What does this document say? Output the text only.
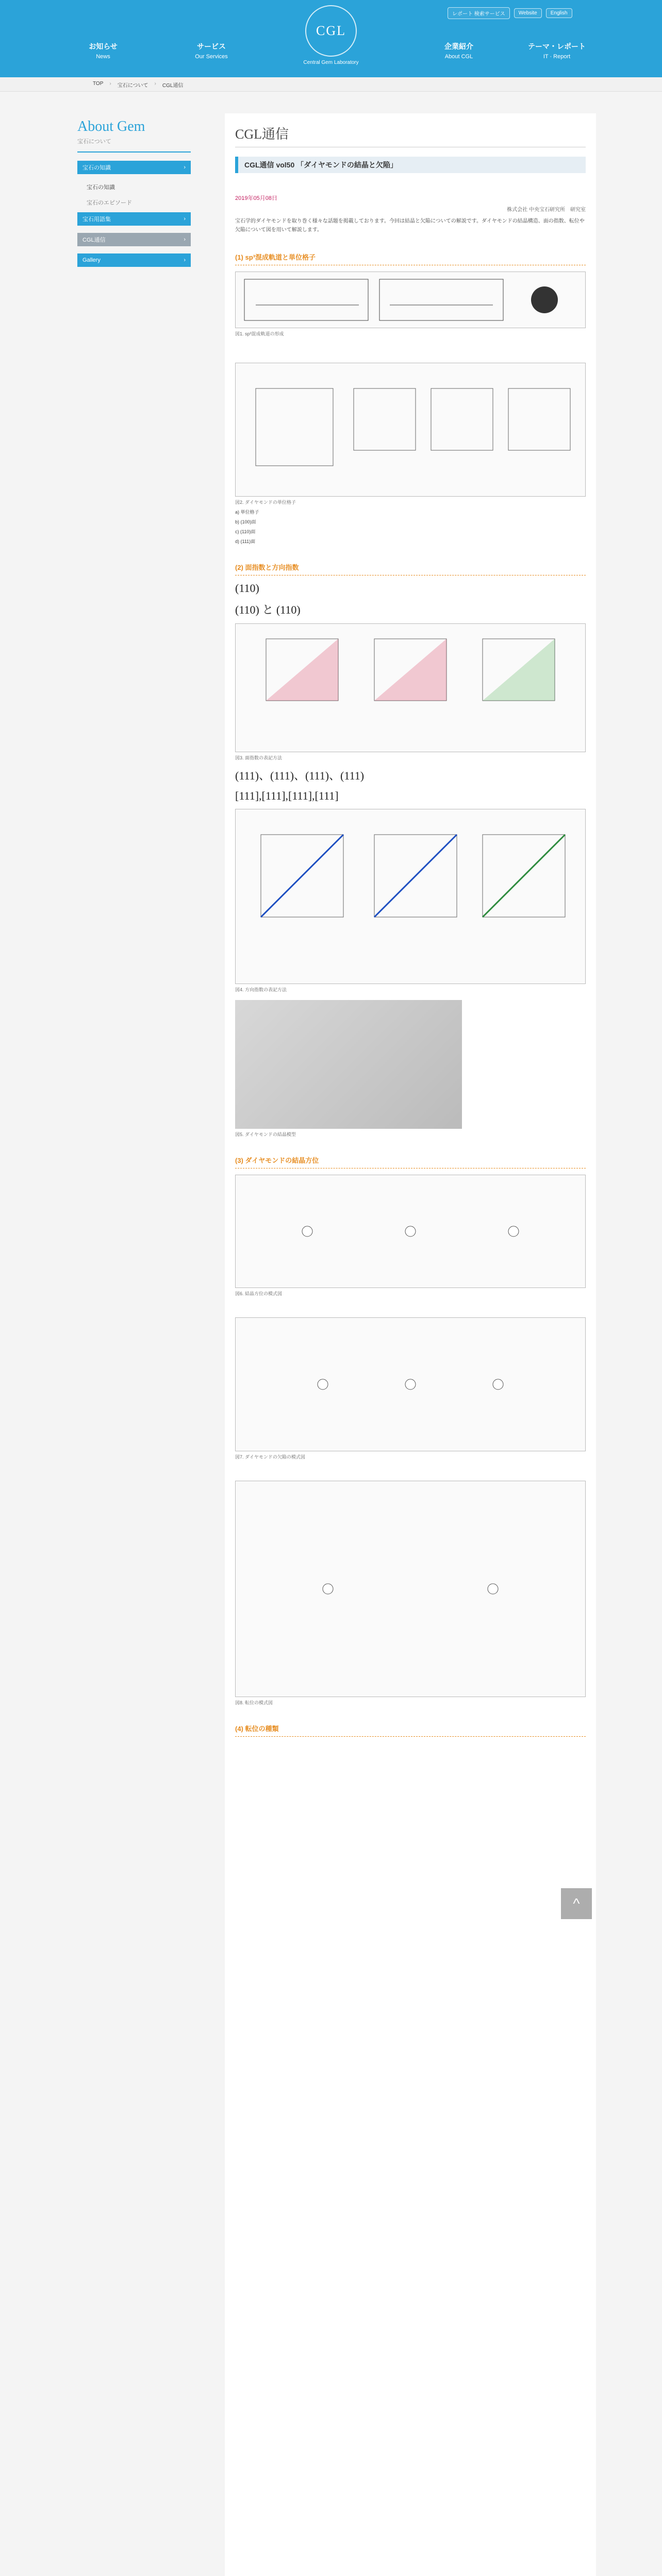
お知らせ
News
サービス
Our Services
CGL
Central Gem Laboratory
企業紹介
About CGL
テーマ・レポート
IT · Report
レポート 検索サービス	Website	English
TOP › 宝石について › CGL通信
About Gem
宝石について
宝石の知識	›
宝石の知識
宝石のエピソード
宝石用語集	›
CGL通信	›
Gallery	›
CGL通信
CGL通信 vol50 「ダイヤモンドの結晶と欠陥」
2019年05月08日
株式会社 中央宝石研究所　研究室
宝石学的ダイヤモンドを取り巻く様々な話題を掲載しております。今回は結晶と欠陥についての解説です。ダイヤモンドの結晶構造、面の指数、転位や欠陥について図を用いて解説します。
(1) sp³混成軌道と単位格子
図1. sp³混成軌道の形成
図2. ダイヤモンドの単位格子
a) 単位格子
b) (100)面
c) (110)面
d) (111)面
(2) 面指数と方向指数
(110)
(110) と (110)
図3. 面指数の表記方法
(111)、(111)、(111)、(111)
[111],[111],[111],[111]
図4. 方向指数の表記方法
図5. ダイヤモンドの結晶模型
(3) ダイヤモンドの結晶方位
図6. 結晶方位の模式図
図7. ダイヤモンドの欠陥の模式図
図8. 転位の模式図
(4) 転位の種類
^
